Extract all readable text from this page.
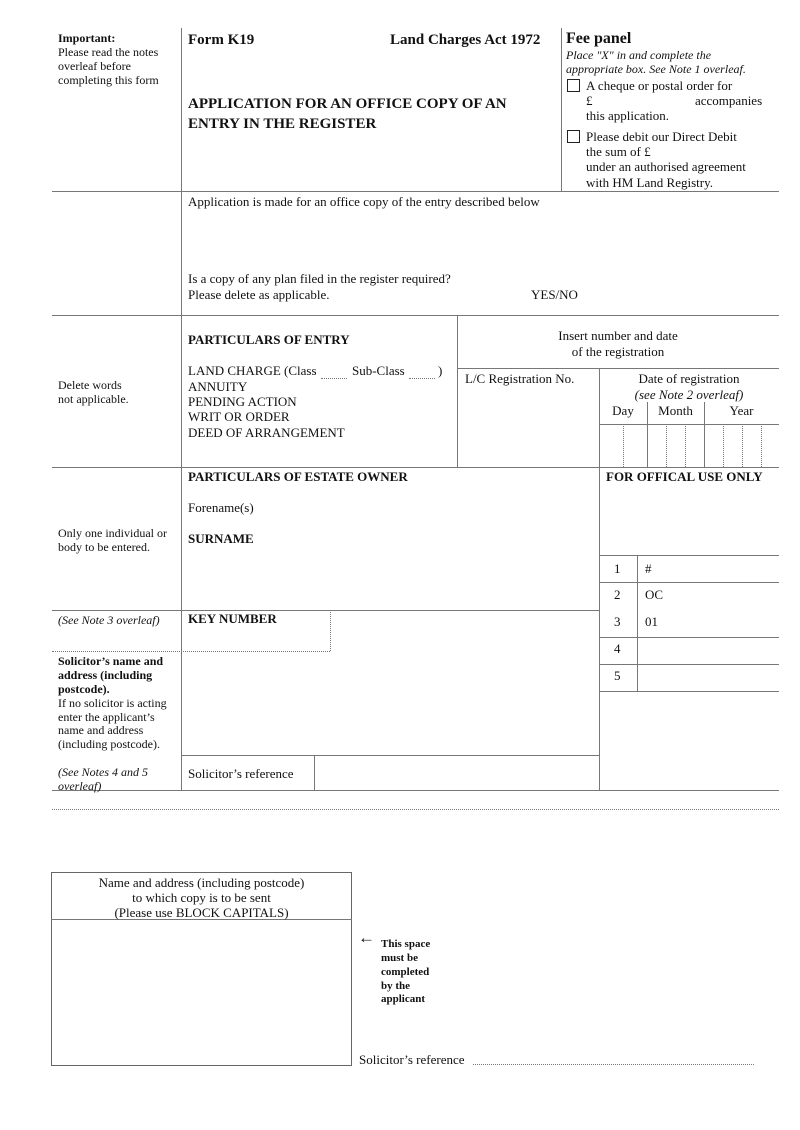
Important:
Please read the notes
overleaf before
completing this form
Form K19	Land Charges Act 1972
APPLICATION FOR AN OFFICE COPY OF AN
ENTRY IN THE REGISTER
Fee panel
Place "X" in and complete the
appropriate box. See Note 1 overleaf.
A cheque or postal order for
£	accompanies
this application.
Please debit our Direct Debit
the sum of £
under an authorised agreement
with HM Land Registry.
Application is made for an office copy of the entry described below
Is a copy of any plan filed in the register required?
Please delete as applicable.	YES/NO
Delete words
not applicable.
PARTICULARS OF ENTRY
LAND CHARGE (Class	Sub-Class	)
ANNUITY
PENDING ACTION
WRIT OR ORDER
DEED OF ARRANGEMENT
Insert number and date
of the registration
L/C Registration No.	Date of registration
(see Note 2 overleaf)
Day	Month	Year
Only one individual or
body to be entered.
PARTICULARS OF ESTATE OWNER
Forename(s)
SURNAME
FOR OFFICAL USE ONLY
1 #
2 OC
3 01
4
5
(See Note 3 overleaf) KEY NUMBER
Solicitor’s name and
address (including
postcode).
If no solicitor is acting
enter the applicant’s
name and address
(including postcode).
(See Notes 4 and 5
overleaf)
Solicitor’s reference
Name and address (including postcode)
to which copy is to be sent
(Please use BLOCK CAPITALS)
← This space
must be
completed
by the
applicant
Solicitor’s reference
